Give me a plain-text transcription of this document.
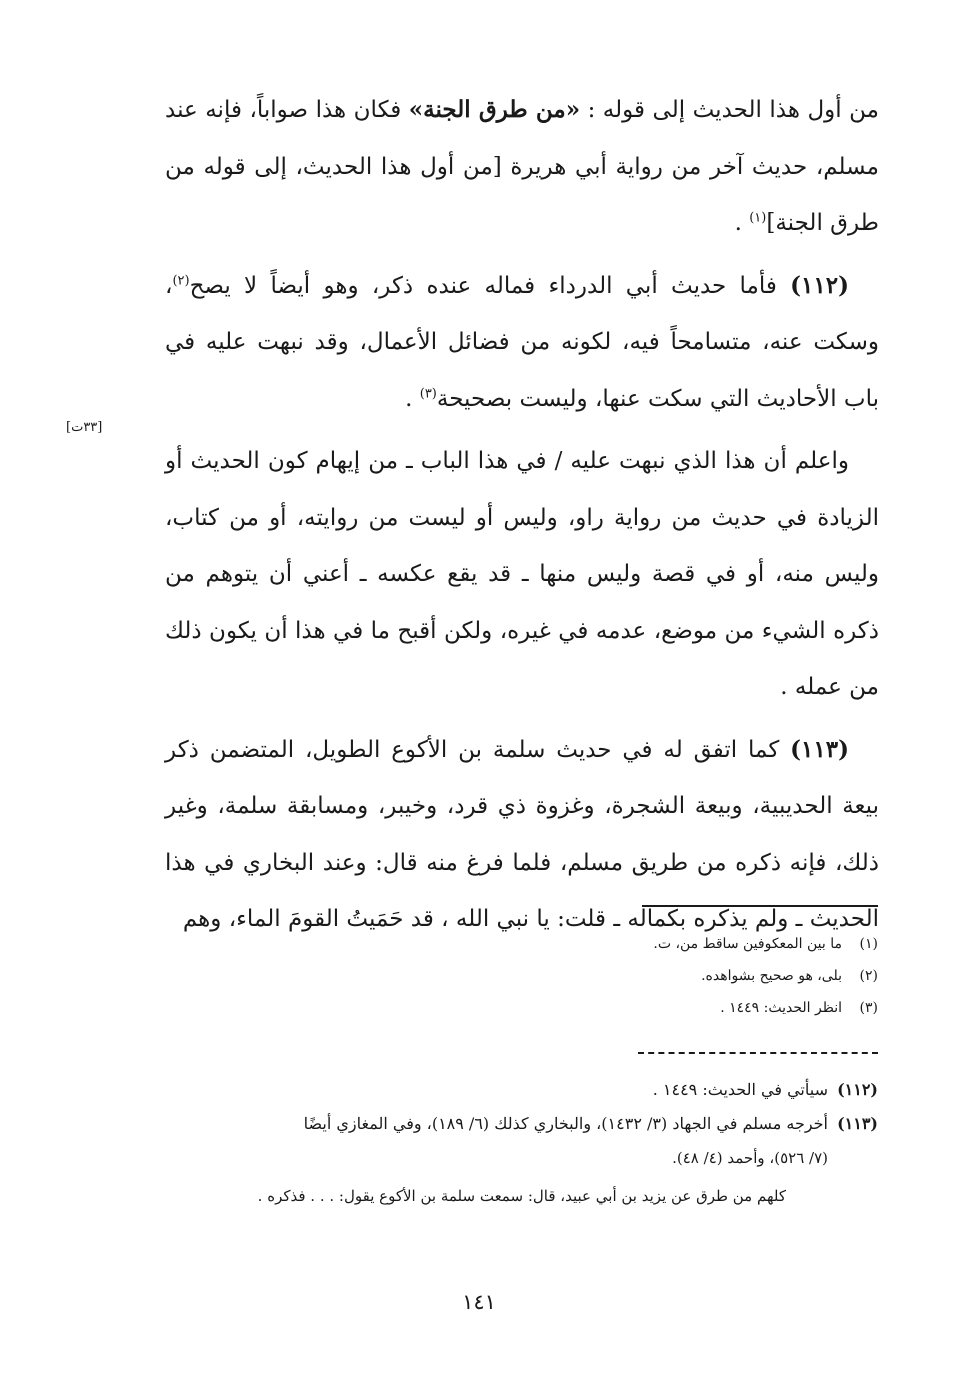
من أول هذا الحديث إلى قوله : «من طرق الجنة» فكان هذا صواباً، فإنه عند مسلم، حديث آخر من رواية أبي هريرة [من أول هذا الحديث، إلى قوله من طرق الجنة]$^{(١)}$ .

(١١٢) فأما حديث أبي الدرداء فماله عنده ذكر، وهو أيضاً لا يصح$^{(٢)}$، وسكت عنه، متسامحاً فيه، لكونه من فضائل الأعمال، وقد نبهت عليه في باب الأحاديث التي سكت عنها، وليست بصحيحة$^{(٣)}$ .

واعلم أن هذا الذي نبهت عليه / في هذا الباب ـ من إيهام كون الحديث أو الزيادة في حديث من رواية راو، وليس أو ليست من روايته، أو من كتاب، وليس منه، أو في قصة وليس منها ـ قد يقع عكسه ـ أعني أن يتوهم من ذكره الشيء من موضع، عدمه في غيره، ولكن أقبح ما في هذا أن يكون ذلك من عمله .

(١١٣) كما اتفق له في حديث سلمة بن الأكوع الطويل، المتضمن ذكر بيعة الحديبية، وبيعة الشجرة، وغزوة ذي قرد، وخيبر، ومسابقة سلمة، وغير ذلك، فإنه ذكره من طريق مسلم، فلما فرغ منه قال: وعند البخاري في هذا الحديث ـ ولم يذكره بكماله ـ قلت: يا نبي الله ، قد حَمَيتُ القومَ الماء، وهم

[٣٣ت]
(١)
ما بين المعكوفين ساقط من، ت.
(٢)
بلى، هو صحيح بشواهده.
(٣)
انظر الحديث: ١٤٤٩ .
(١١٢)
سيأتي في الحديث: ١٤٤٩ .
(١١٣)
أخرجه مسلم في الجهاد (٣/ ١٤٣٢)، والبخاري كذلك (٦/ ١٨٩)، وفي المغازي أيضًا
(٧/ ٥٢٦)، وأحمد (٤/ ٤٨).
كلهم من طرق عن يزيد بن أبي عبيد، قال: سمعت سلمة بن الأكوع يقول: . . . فذكره .
١٤١
